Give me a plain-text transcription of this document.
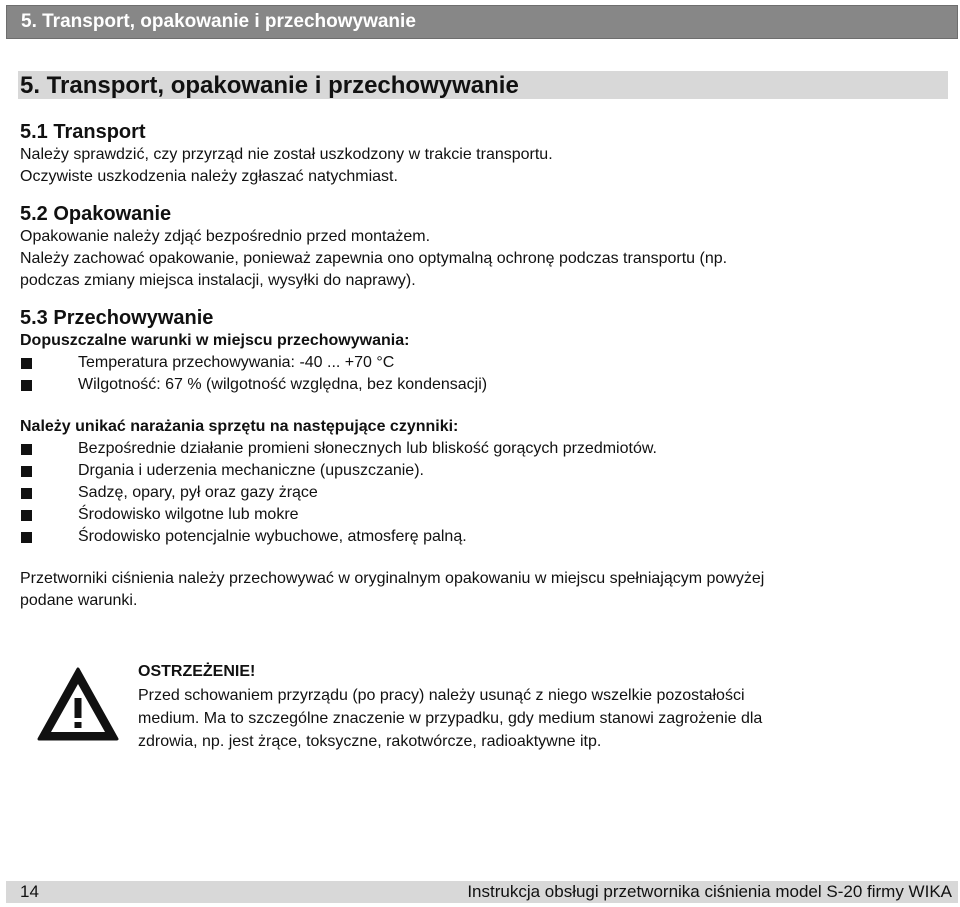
5. Transport, opakowanie i przechowywanie
5. Transport, opakowanie i przechowywanie

5.1 Transport

Należy sprawdzić, czy przyrząd nie został uszkodzony w trakcie transportu.

Oczywiste uszkodzenia należy zgłaszać natychmiast.

5.2 Opakowanie

Opakowanie należy zdjąć bezpośrednio przed montażem.

Należy zachować opakowanie, ponieważ zapewnia ono optymalną ochronę podczas transportu (np.

podczas zmiany miejsca instalacji, wysyłki do naprawy).

5.3 Przechowywanie

Dopuszczalne warunki w miejscu przechowywania:

Temperatura przechowywania: -40 ... +70 °C
Wilgotność: 67 % (wilgotność względna, bez kondensacji)

Należy unikać narażania sprzętu na następujące czynniki:

Bezpośrednie działanie promieni słonecznych lub bliskość gorących przedmiotów.
Drgania i uderzenia mechaniczne (upuszczanie).
Sadzę, opary, pył oraz gazy żrące
Środowisko wilgotne lub mokre
Środowisko potencjalnie wybuchowe, atmosferę palną.

Przetworniki ciśnienia należy przechowywać w oryginalnym opakowaniu w miejscu spełniającym powyżej

podane warunki.

OSTRZEŻENIE!
Przed schowaniem przyrządu (po pracy) należy usunąć z niego wszelkie pozostałości
medium. Ma to szczególne znaczenie w przypadku, gdy medium stanowi zagrożenie dla
zdrowia, np. jest żrące, toksyczne, rakotwórcze, radioaktywne itp.
14	Instrukcja obsługi przetwornika ciśnienia model S-20 firmy WIKA
